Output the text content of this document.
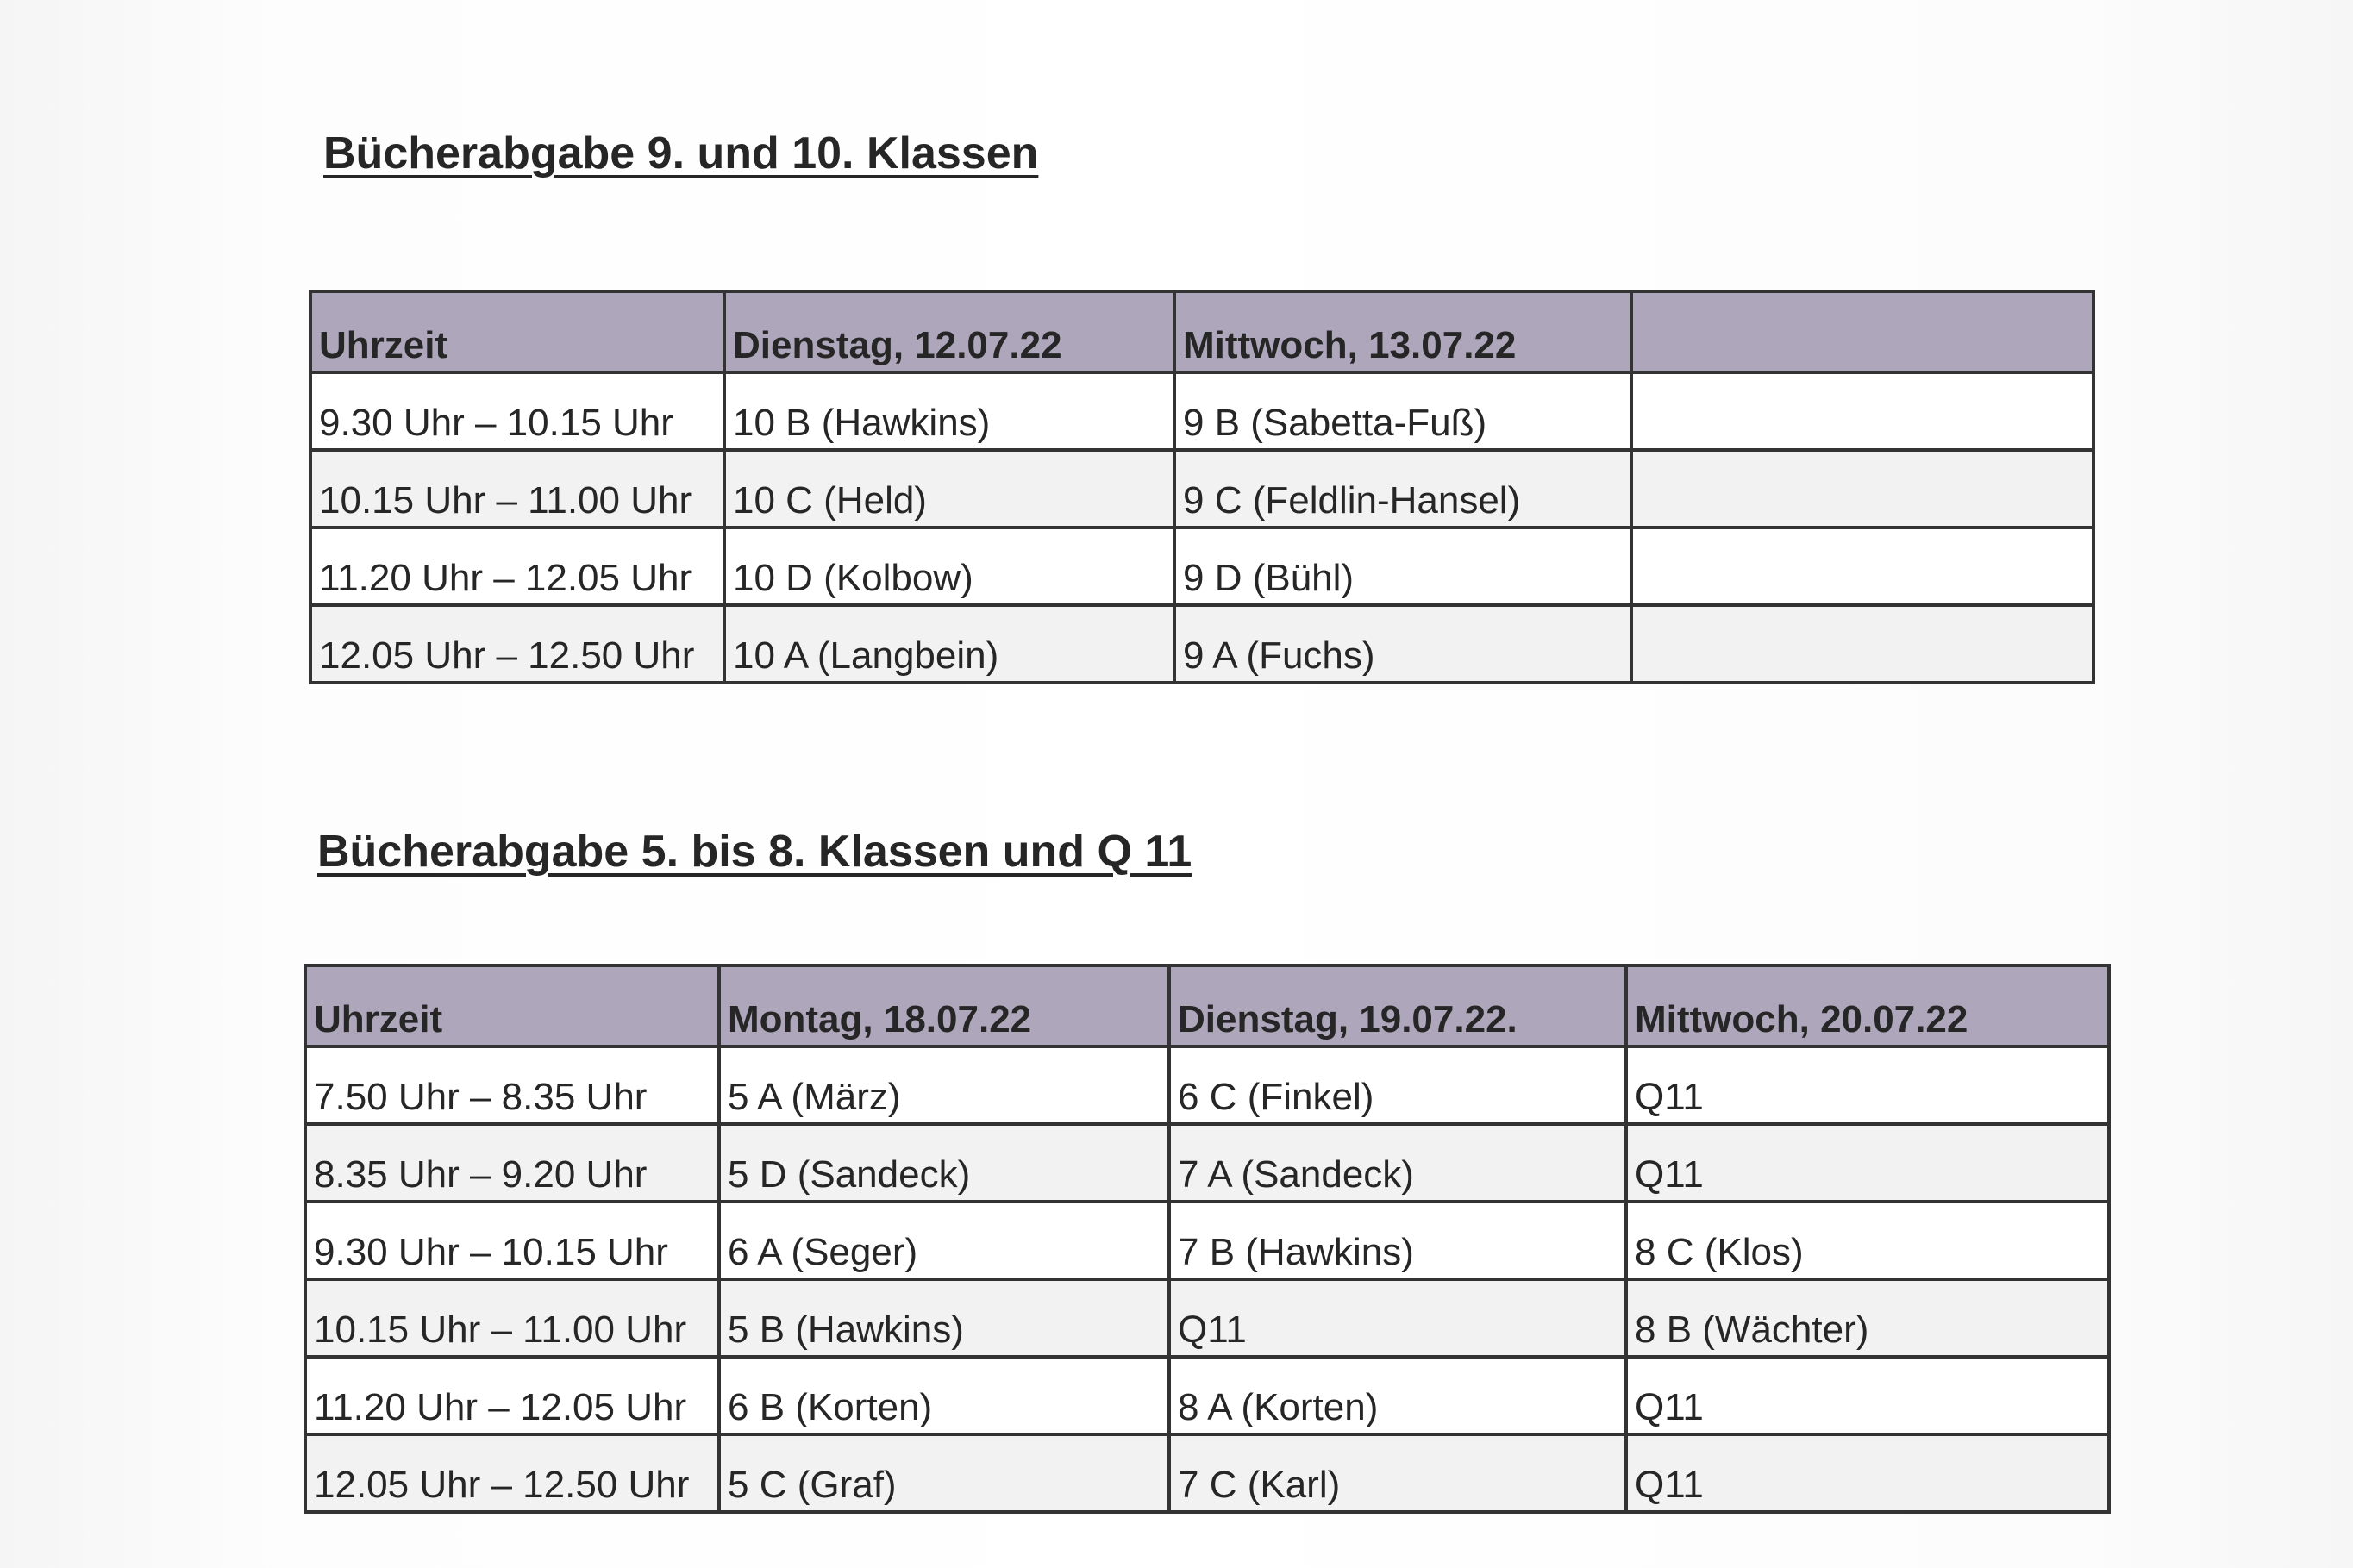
Bücherabgabe 9. und 10. Klassen
Uhrzeit	Dienstag, 12.07.22	Mittwoch, 13.07.22	
9.30 Uhr – 10.15 Uhr	10 B (Hawkins)	9 B (Sabetta-Fuß)	
10.15 Uhr – 11.00 Uhr	10 C (Held)	9 C (Feldlin-Hansel)	
11.20 Uhr – 12.05 Uhr	10 D (Kolbow)	9 D (Bühl)	
12.05 Uhr – 12.50 Uhr	10 A (Langbein)	9 A (Fuchs)	
Bücherabgabe 5. bis 8. Klassen und Q 11
Uhrzeit	Montag, 18.07.22	Dienstag, 19.07.22.	Mittwoch, 20.07.22
7.50 Uhr – 8.35 Uhr	5 A (März)	6 C (Finkel)	Q11
8.35 Uhr – 9.20 Uhr	5 D (Sandeck)	7 A (Sandeck)	Q11
9.30 Uhr – 10.15 Uhr	6 A (Seger)	7 B (Hawkins)	8 C (Klos)
10.15 Uhr – 11.00 Uhr	5 B (Hawkins)	Q11	8 B (Wächter)
11.20 Uhr – 12.05 Uhr	6 B (Korten)	8 A (Korten)	Q11
12.05 Uhr – 12.50 Uhr	5 C (Graf)	7 C (Karl)	Q11
